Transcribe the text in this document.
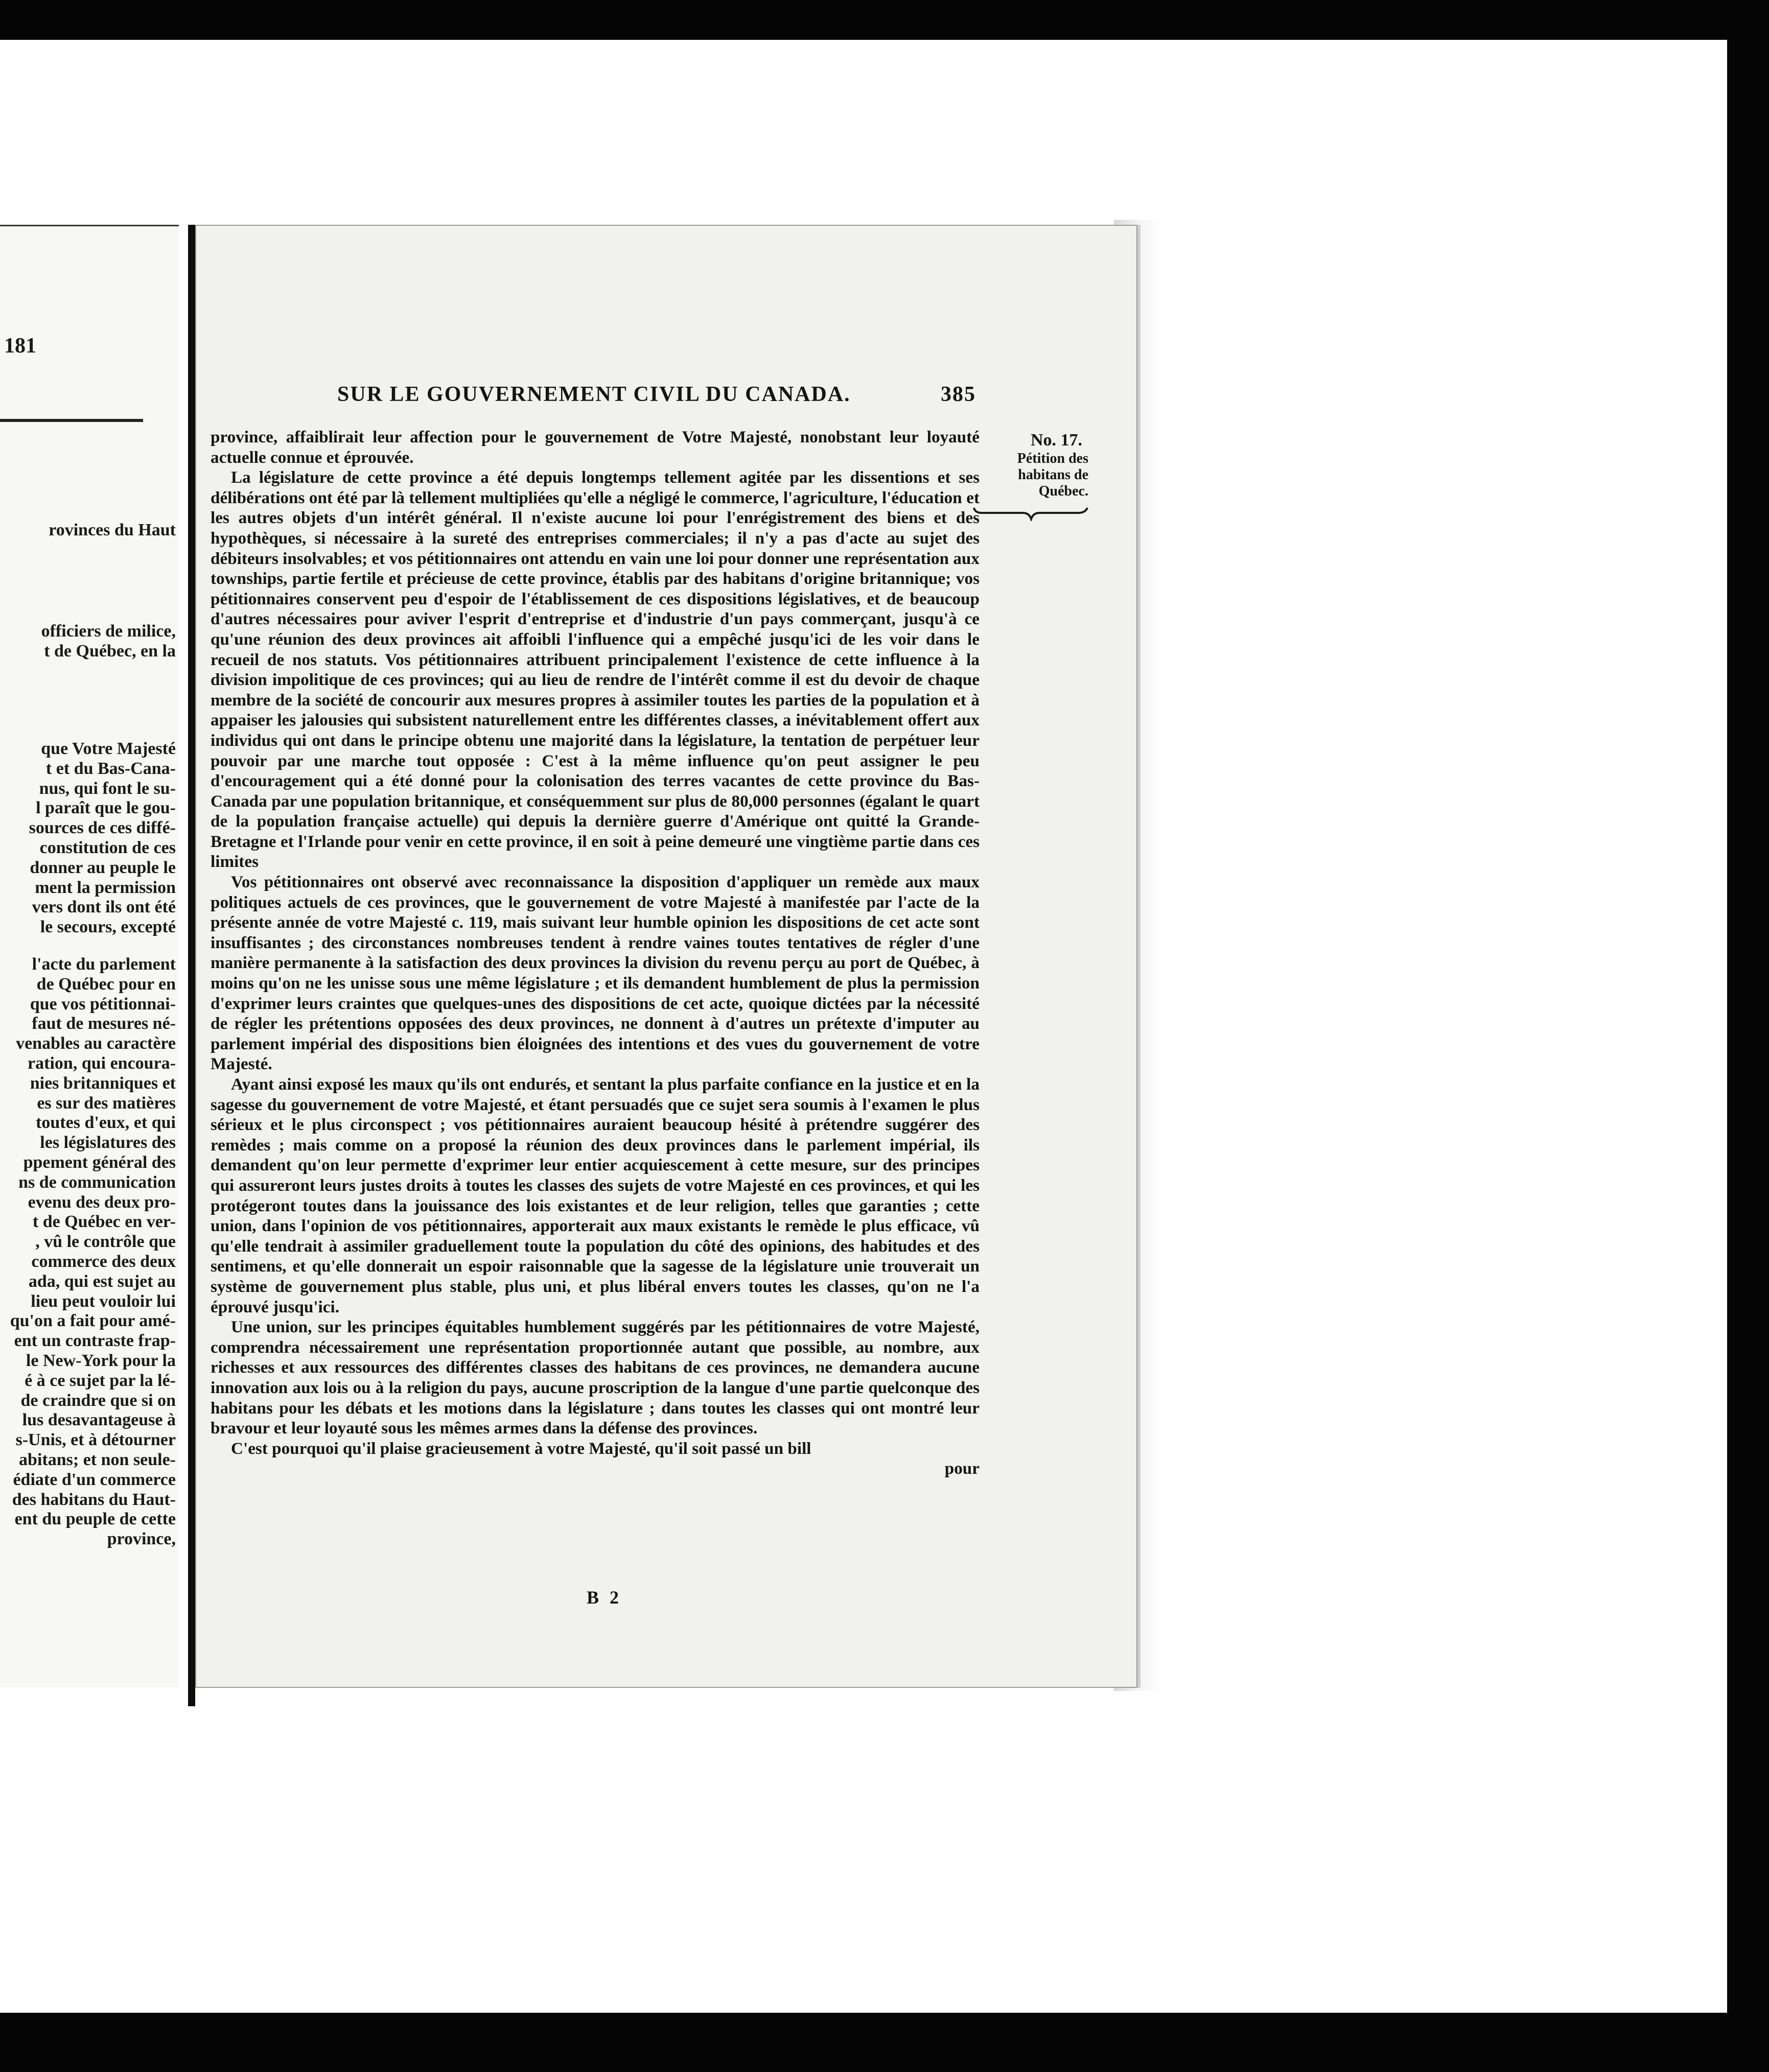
181
rovinces du Haut
officiers de milice,
t de Québec, en la
que Votre Majesté
t et du Bas-Cana-
nus, qui font le su-
l paraît que le gou-
sources de ces diffé-
constitution de ces
donner au peuple le
ment la permission
vers dont ils ont été
le secours, excepté
l'acte du parlement
de Québec pour en
que vos pétitionnai-
faut de mesures né-
venables au caractère
ration, qui encoura-
nies britanniques et
es sur des matières
toutes d'eux, et qui
les législatures des
ppement général des
ns de communication
evenu des deux pro-
t de Québec en ver-
, vû le contrôle que
commerce des deux
ada, qui est sujet au
lieu peut vouloir lui
qu'on a fait pour amé-
ent un contraste frap-
le New-York pour la
é à ce sujet par la lé-
de craindre que si on
lus desavantageuse à
s-Unis, et à détourner
abitans; et non seule-
édiate d'un commerce
des habitans du Haut-
ent du peuple de cette
province,
SUR LE GOUVERNEMENT CIVIL DU CANADA.	385
No. 17.
Pétition des habitans de Québec.

province, affaiblirait leur affection pour le gouvernement de Votre Majesté, nonobstant leur loyauté actuelle connue et éprouvée.

La législature de cette province a été depuis longtemps tellement agitée par les dissentions et ses délibérations ont été par là tellement multipliées qu'elle a négligé le commerce, l'agriculture, l'éducation et les autres objets d'un intérêt général. Il n'existe aucune loi pour l'enrégistrement des biens et des hypothèques, si nécessaire à la sureté des entreprises commerciales; il n'y a pas d'acte au sujet des débiteurs insolvables; et vos pétitionnaires ont attendu en vain une loi pour donner une représentation aux townships, partie fertile et précieuse de cette province, établis par des habitans d'origine britannique; vos pétitionnaires conservent peu d'espoir de l'établissement de ces dispositions législatives, et de beaucoup d'autres nécessaires pour aviver l'esprit d'entreprise et d'industrie d'un pays commerçant, jusqu'à ce qu'une réunion des deux provinces ait affoibli l'influence qui a empêché jusqu'ici de les voir dans le recueil de nos statuts. Vos pétitionnaires attribuent principalement l'existence de cette influence à la division impolitique de ces provinces; qui au lieu de rendre de l'intérêt comme il est du devoir de chaque membre de la société de concourir aux mesures propres à assimiler toutes les parties de la population et à appaiser les jalousies qui subsistent naturellement entre les différentes classes, a inévitablement offert aux individus qui ont dans le principe obtenu une majorité dans la législature, la tentation de perpétuer leur pouvoir par une marche tout opposée : C'est à la même influence qu'on peut assigner le peu d'encouragement qui a été donné pour la colonisation des terres vacantes de cette province du Bas-Canada par une population britannique, et conséquemment sur plus de 80,000 personnes (égalant le quart de la population française actuelle) qui depuis la dernière guerre d'Amérique ont quitté la Grande-Bretagne et l'Irlande pour venir en cette province, il en soit à peine demeuré une vingtième partie dans ces limites

Vos pétitionnaires ont observé avec reconnaissance la disposition d'appliquer un remède aux maux politiques actuels de ces provinces, que le gouvernement de votre Majesté à manifestée par l'acte de la présente année de votre Majesté c. 119, mais suivant leur humble opinion les dispositions de cet acte sont insuffisantes ; des circonstances nombreuses tendent à rendre vaines toutes tentatives de régler d'une manière permanente à la satisfaction des deux provinces la division du revenu perçu au port de Québec, à moins qu'on ne les unisse sous une même législature ; et ils demandent humblement de plus la permission d'exprimer leurs craintes que quelques-unes des dispositions de cet acte, quoique dictées par la nécessité de régler les prétentions opposées des deux provinces, ne donnent à d'autres un prétexte d'imputer au parlement impérial des dispositions bien éloignées des intentions et des vues du gouvernement de votre Majesté.

Ayant ainsi exposé les maux qu'ils ont endurés, et sentant la plus parfaite confiance en la justice et en la sagesse du gouvernement de votre Majesté, et étant persuadés que ce sujet sera soumis à l'examen le plus sérieux et le plus circonspect ; vos pétitionnaires auraient beaucoup hésité à prétendre suggérer des remèdes ; mais comme on a proposé la réunion des deux provinces dans le parlement impérial, ils demandent qu'on leur permette d'exprimer leur entier acquiescement à cette mesure, sur des principes qui assureront leurs justes droits à toutes les classes des sujets de votre Majesté en ces provinces, et qui les protégeront toutes dans la jouissance des lois existantes et de leur religion, telles que garanties ; cette union, dans l'opinion de vos pétitionnaires, apporterait aux maux existants le remède le plus efficace, vû qu'elle tendrait à assimiler graduellement toute la population du côté des opinions, des habitudes et des sentimens, et qu'elle donnerait un espoir raisonnable que la sagesse de la législature unie trouverait un système de gouvernement plus stable, plus uni, et plus libéral envers toutes les classes, qu'on ne l'a éprouvé jusqu'ici.

Une union, sur les principes équitables humblement suggérés par les pétitionnaires de votre Majesté, comprendra nécessairement une représentation proportionnée autant que possible, au nombre, aux richesses et aux ressources des différentes classes des habitans de ces provinces, ne demandera aucune innovation aux lois ou à la religion du pays, aucune proscription de la langue d'une partie quelconque des habitans pour les débats et les motions dans la législature ; dans toutes les classes qui ont montré leur bravour et leur loyauté sous les mêmes armes dans la défense des provinces.

C'est pourquoi qu'il plaise gracieusement à votre Majesté, qu'il soit passé un bill

pour
B 2
